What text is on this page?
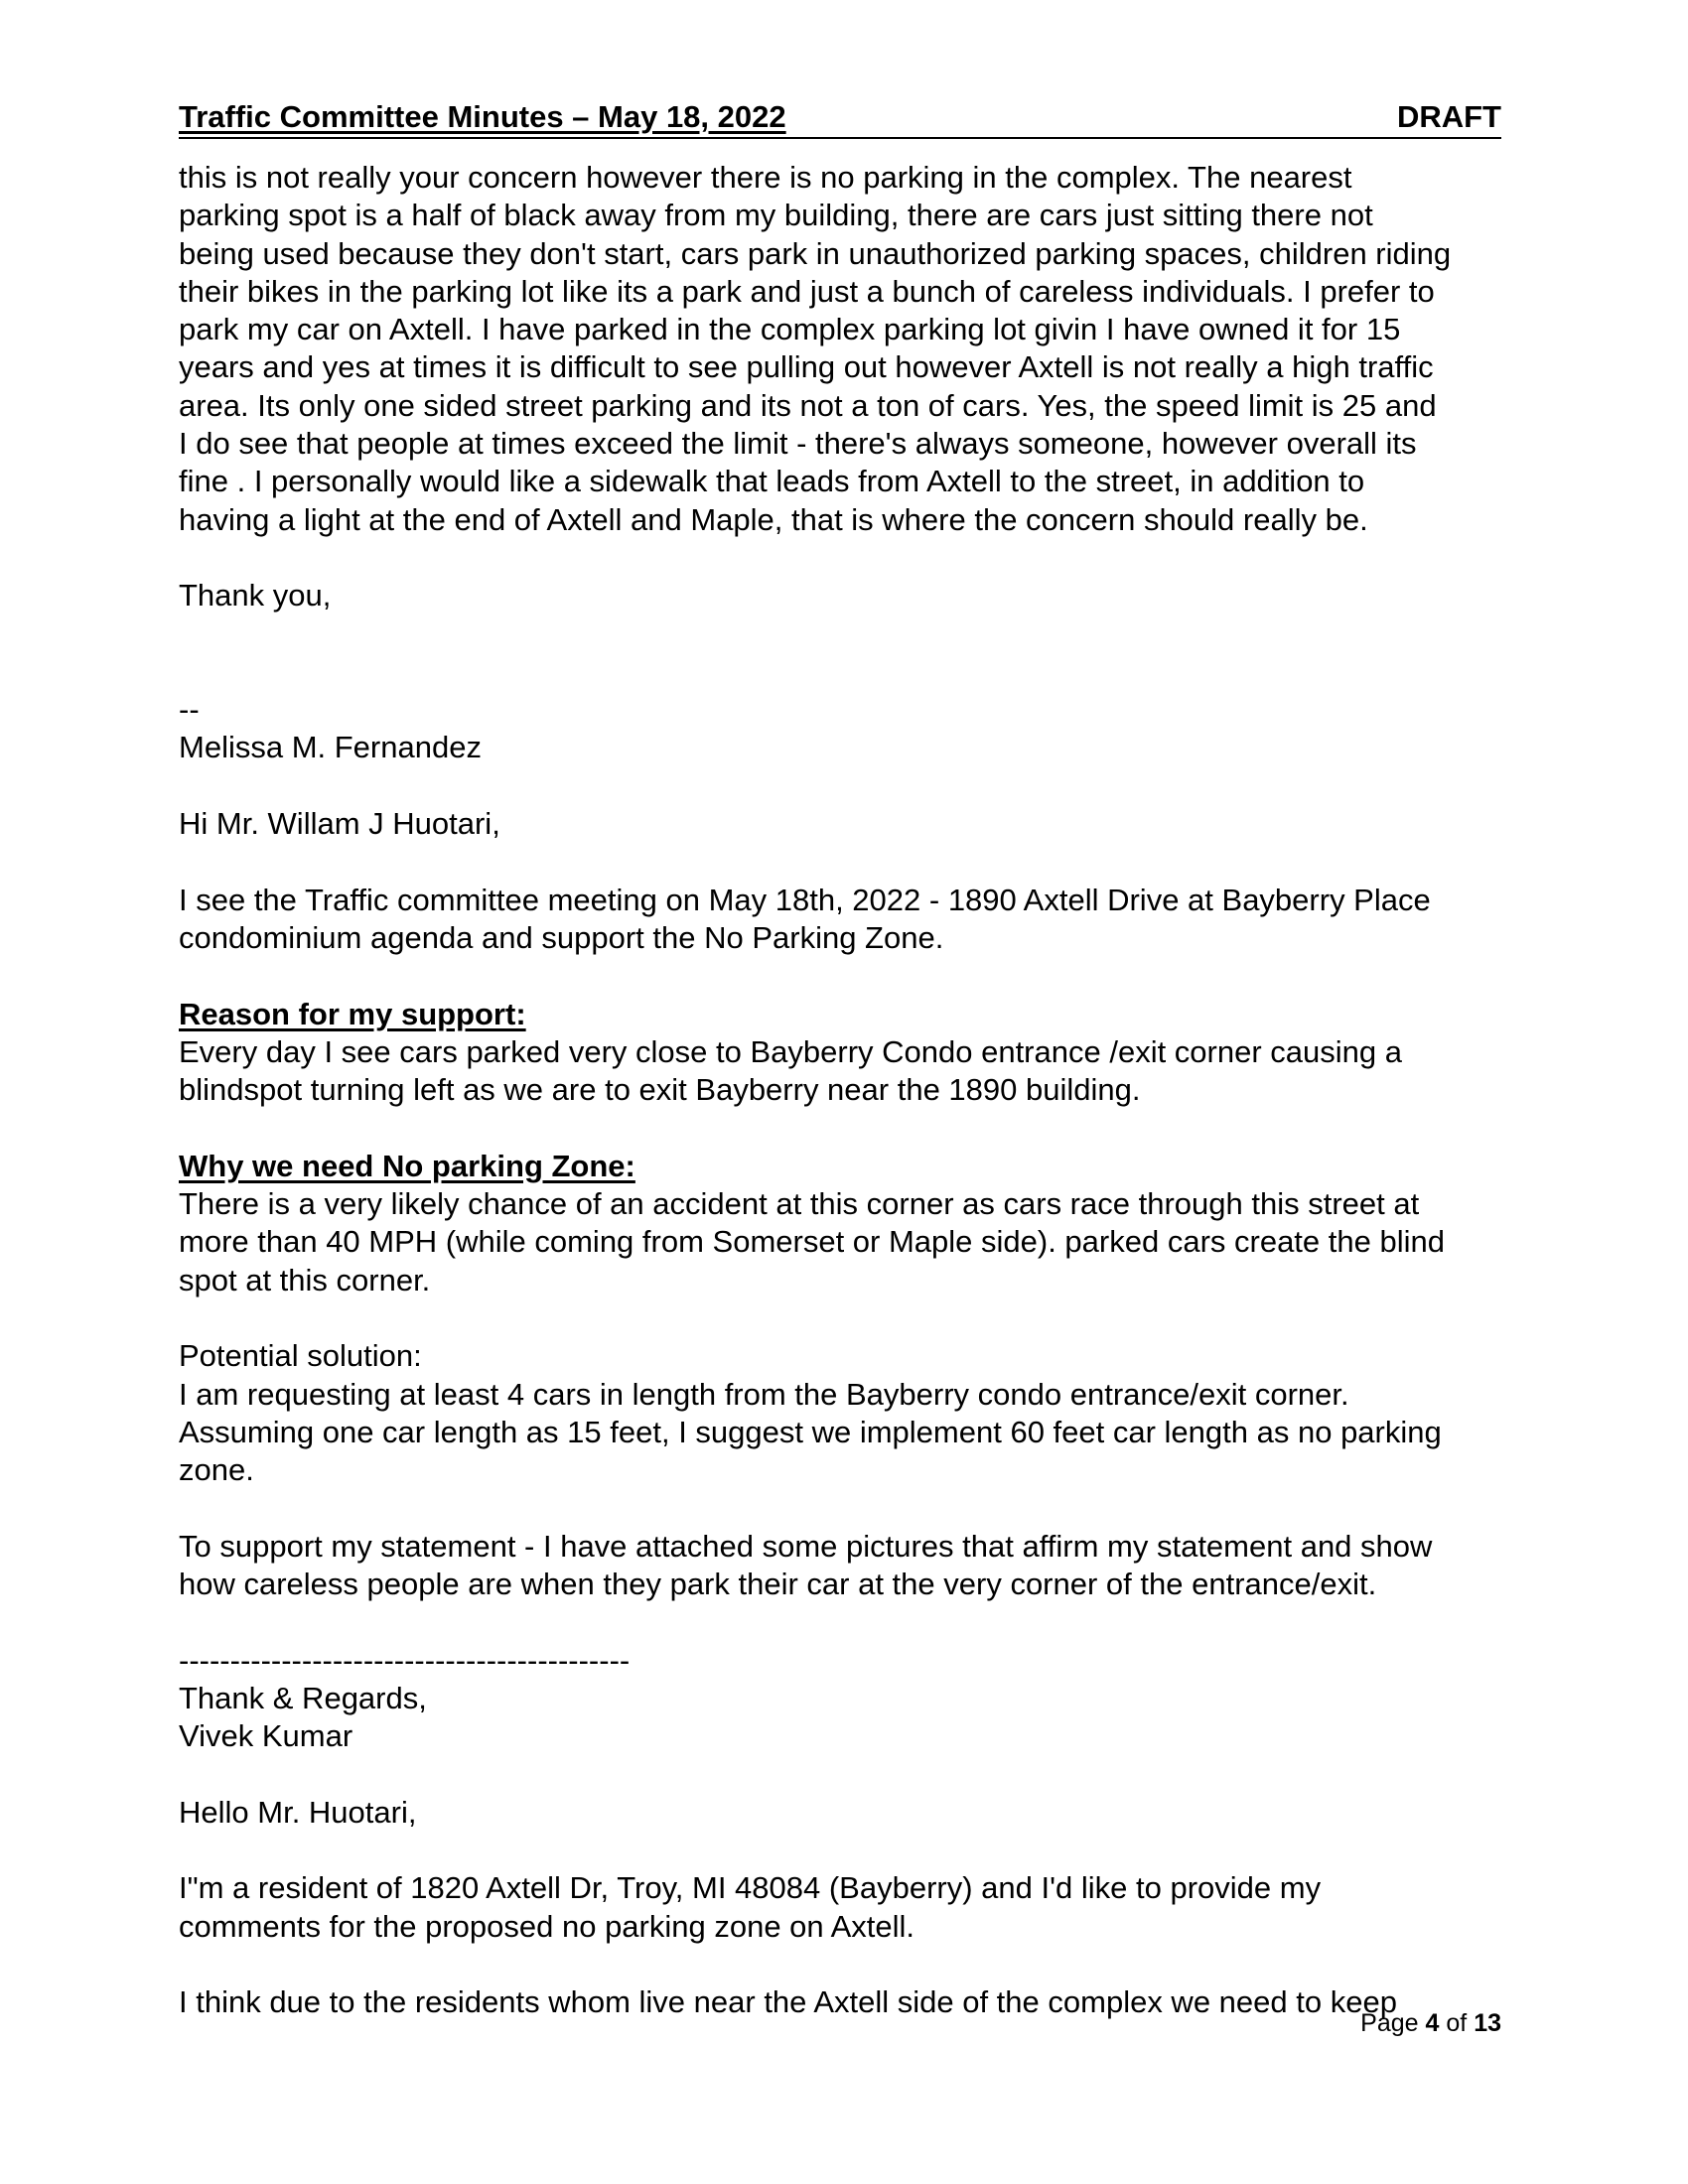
Traffic Committee Minutes – May 18, 2022	DRAFT

this is not really your concern however there is no parking in the complex. The nearest

parking spot is a half of black away from my building, there are cars just sitting there not

being used because they don't start, cars park in unauthorized parking spaces, children riding

their bikes in the parking lot like its a park and just a bunch of careless individuals. I prefer to

park my car on Axtell. I have parked in the complex parking lot givin I have owned it for 15

years and yes at times it is difficult to see pulling out however Axtell is not really a high traffic

area. Its only one sided street parking and its not a ton of cars. Yes, the speed limit is 25 and

I do see that people at times exceed the limit - there's always someone, however overall its

fine . I personally would like a sidewalk that leads from Axtell to the street, in addition to

having a light at the end of Axtell and Maple, that is where the concern should really be.

Thank you,

--

Melissa M. Fernandez

Hi Mr. Willam J Huotari,

I see the Traffic committee meeting on May 18th, 2022 - 1890 Axtell Drive at Bayberry Place

condominium agenda and support the No Parking Zone.

Reason for my support:

Every day I see cars parked very close to Bayberry Condo entrance /exit corner causing a

blindspot turning left as we are to exit Bayberry near the 1890 building.

Why we need No parking Zone:

There is a very likely chance of an accident at this corner as cars race through this street at

more than 40 MPH (while coming from Somerset or Maple side). parked cars create the blind

spot at this corner.

Potential solution:

I am requesting at least 4 cars in length from the Bayberry condo entrance/exit corner.

Assuming one car length as 15 feet, I suggest we implement 60 feet car length as no parking

zone.

To support my statement - I have attached some pictures that affirm my statement and show

how careless people are when they park their car at the very corner of the entrance/exit.

--------------------------------------------

Thank & Regards,

Vivek Kumar

Hello Mr. Huotari,

I"m a resident of 1820 Axtell Dr, Troy, MI 48084 (Bayberry) and I'd like to provide my

comments for the proposed no parking zone on Axtell.

I think due to the residents whom live near the Axtell side of the complex we need to keep

Page 4 of 13
